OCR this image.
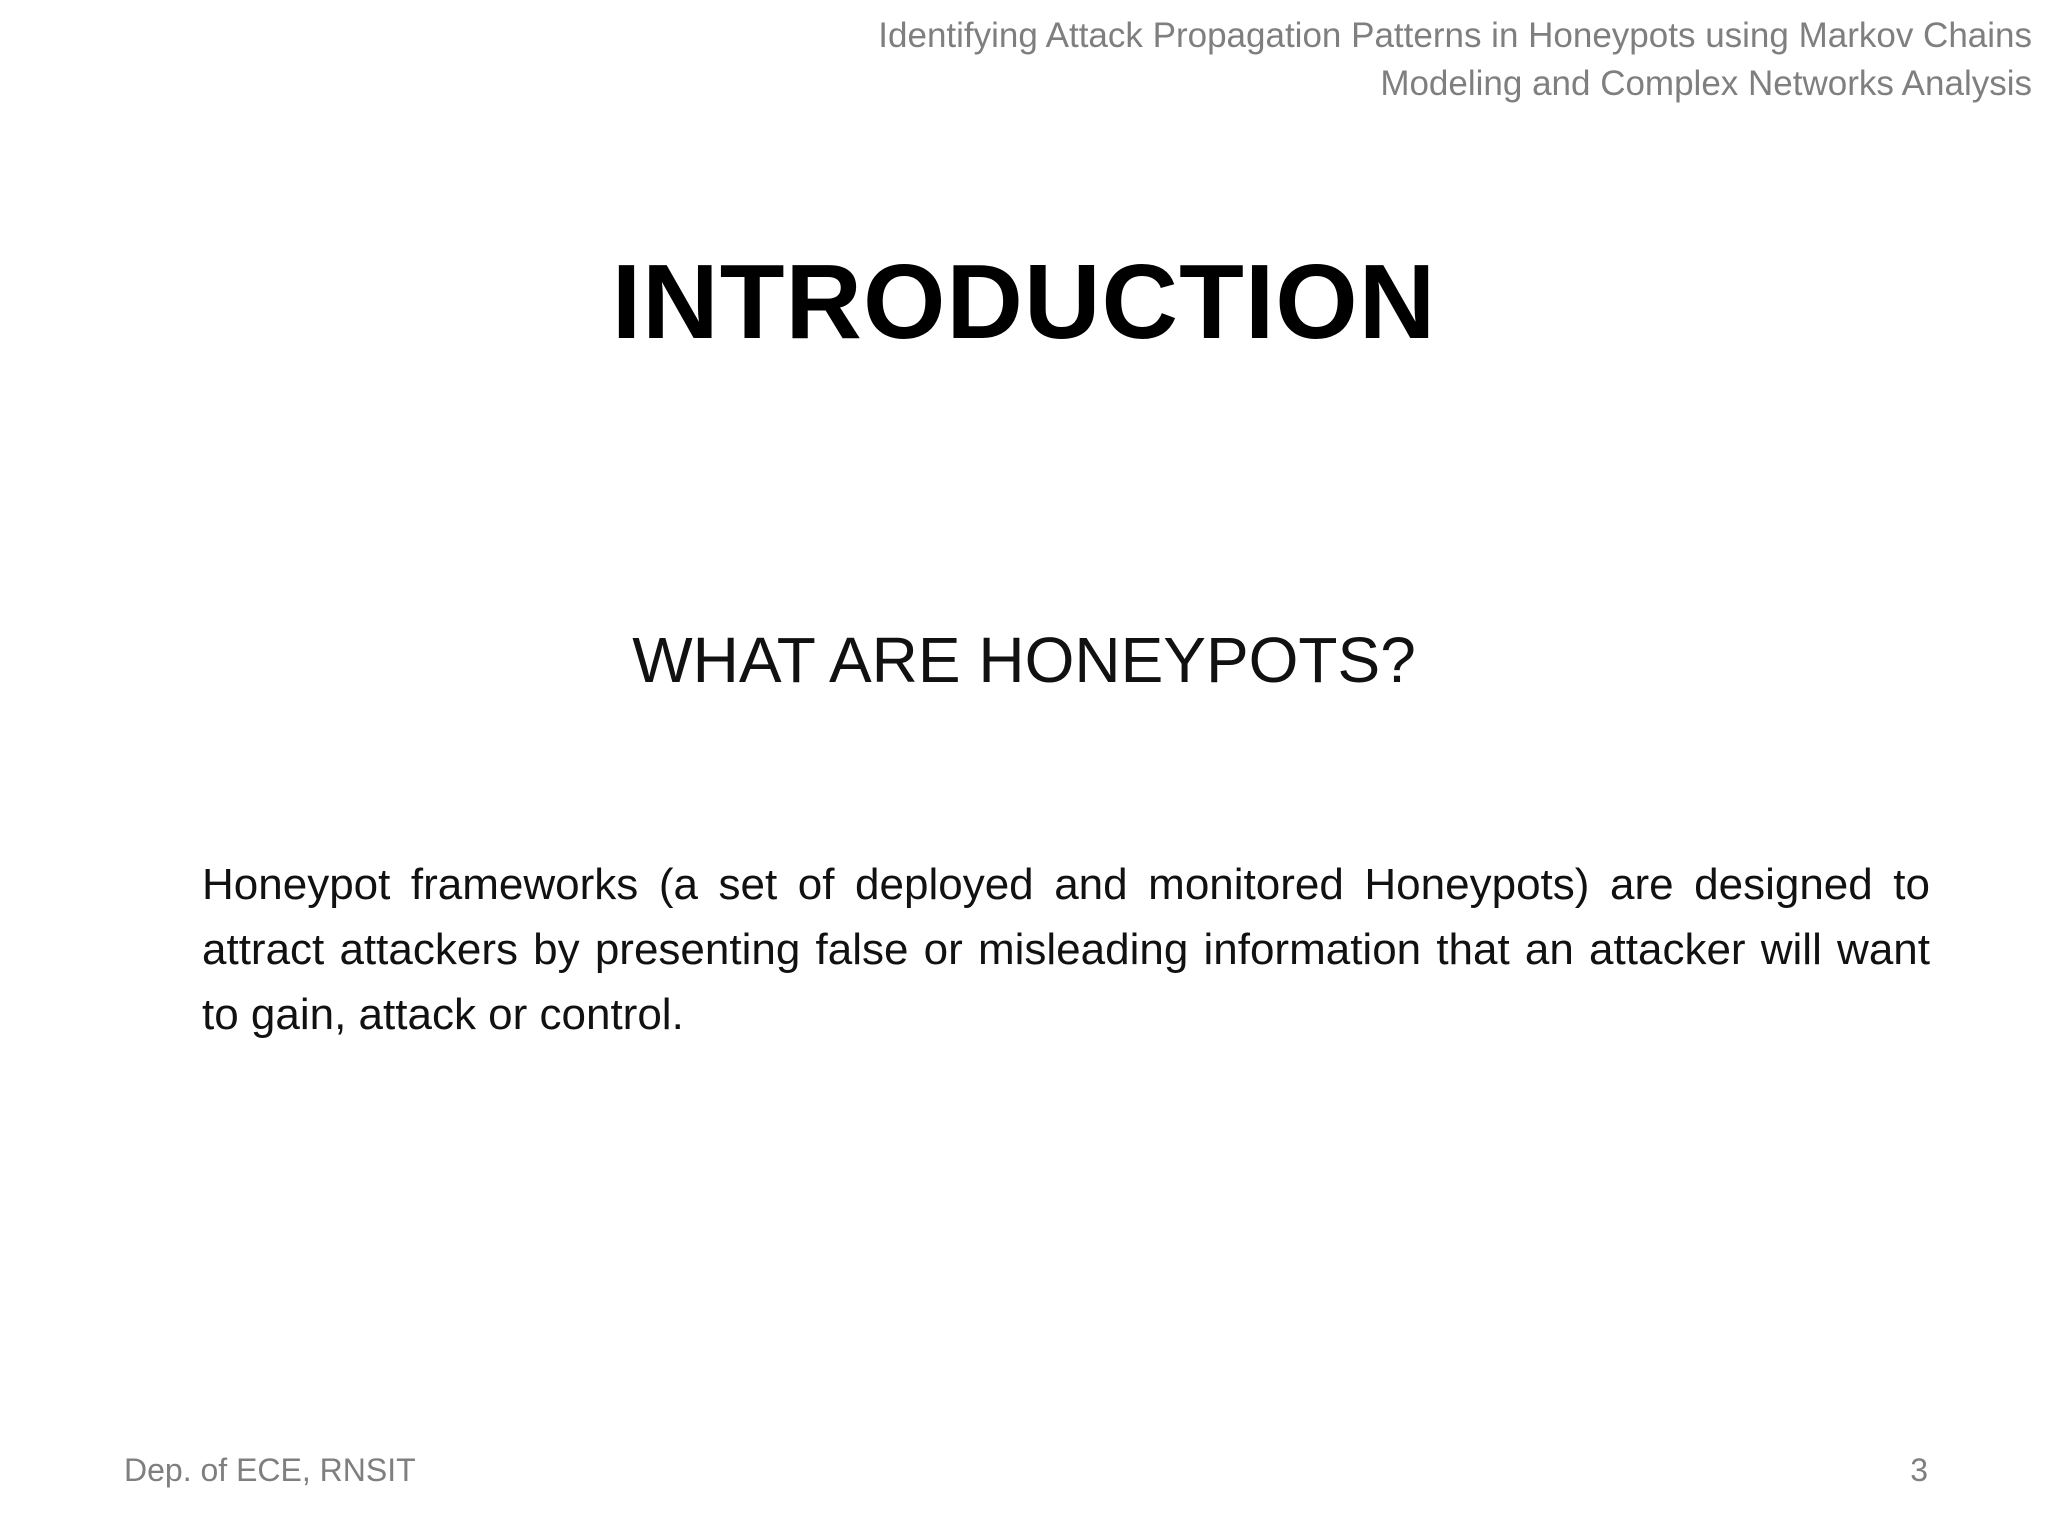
Identifying Attack Propagation Patterns in Honeypots using Markov Chains
Modeling and Complex Networks Analysis
INTRODUCTION
WHAT ARE HONEYPOTS?
Honeypot frameworks (a set of deployed and monitored Honeypots) are designed to attract attackers by presenting false or misleading information that an attacker will want to gain, attack or control.
Dep. of ECE, RNSIT	3
